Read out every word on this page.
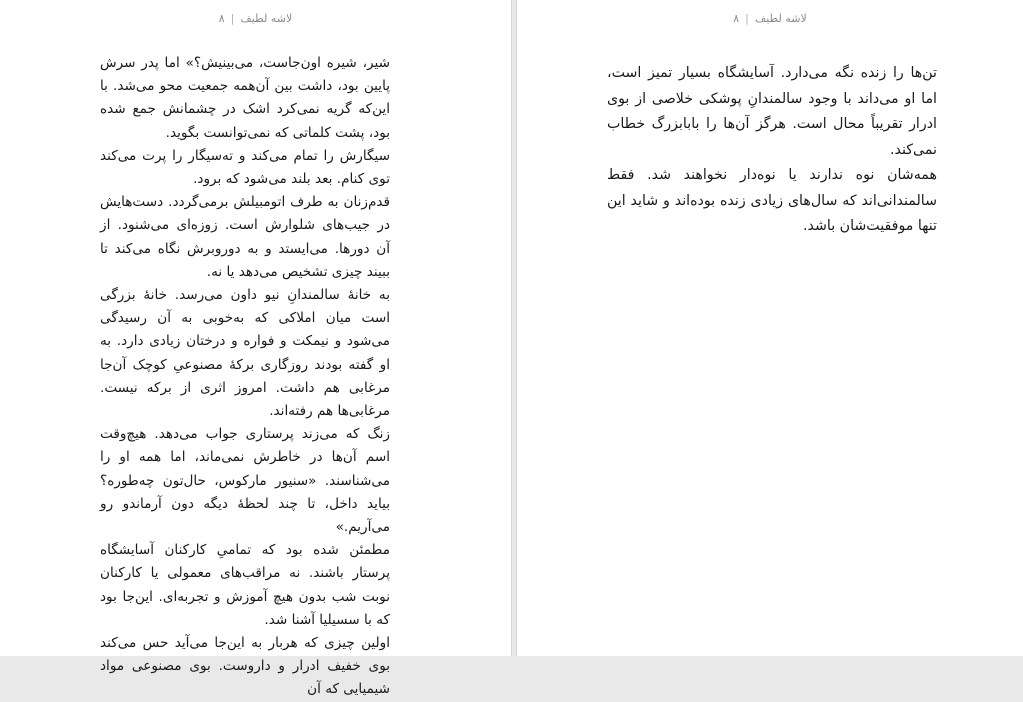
لاشه لطیف|۸

شیر، شیره اون‌جاست، می‌بینیش؟» اما پدر سرش پایین بود، داشت بین آن‌همه جمعیت محو می‌شد. با این‌که گریه نمی‌کرد اشک در چشمانش جمع شده بود، پشت کلماتی که نمی‌توانست بگوید.

سیگارش را تمام می‌کند و ته‌سیگار را پرت می‌کند توی کنام. بعد بلند می‌شود که برود.

قدم‌زنان به طرف اتومبیلش برمی‌گردد. دست‌هایش در جیب‌های شلوارش است. زوزه‌ای می‌شنود. از آن دورها. می‌ایستد و به دوروبرش نگاه می‌کند تا ببیند چیزی تشخیص می‌دهد یا نه.

به خانهٔ سالمندانِ نیو داون می‌رسد. خانهٔ بزرگی است میان املاکی که به‌خوبی به آن رسیدگی می‌شود و نیمکت و فواره و درختان زیادی دارد. به او گفته بودند روزگاری برکهٔ مصنوعیِ کوچک آن‌جا مرغابی هم داشت. امروز اثری از برکه نیست. مرغابی‌ها هم رفته‌اند.

زنگ که می‌زند پرستاری جواب می‌دهد. هیچ‌وقت اسم آن‌ها در خاطرش نمی‌ماند، اما همه او را می‌شناسند. «سنیور مارکوس، حال‌تون چه‌طوره؟ بیاید داخل، تا چند لحظهٔ دیگه دون آرماندو رو می‌آریم.»

مطمئن شده بود که تمامیِ کارکنان آسایشگاه پرستار باشند. نه مراقب‌های معمولی یا کارکنان نوبت شب بدون هیچ آموزش و تجربه‌ای. این‌جا بود که با سسیلیا آشنا شد.

اولین چیزی که هربار به این‌جا می‌آید حس می‌کند بوی خفیف ادرار و داروست. بوی مصنوعی مواد شیمیایی که آن

لاشه لطیف|۸

تن‌ها را زنده نگه می‌دارد. آسایشگاه بسیار تمیز است، اما او می‌داند با وجود سالمندانِ پوشکی خلاصی از بوی ادرار تقریباً محال است. هرگز آن‌ها را بابابزرگ خطاب نمی‌کند.

همه‌شان نوه ندارند یا نوه‌دار نخواهند شد. فقط سالمندانی‌اند که سال‌های زیادی زنده بوده‌اند و شاید این تنها موفقیت‌شان باشد.
